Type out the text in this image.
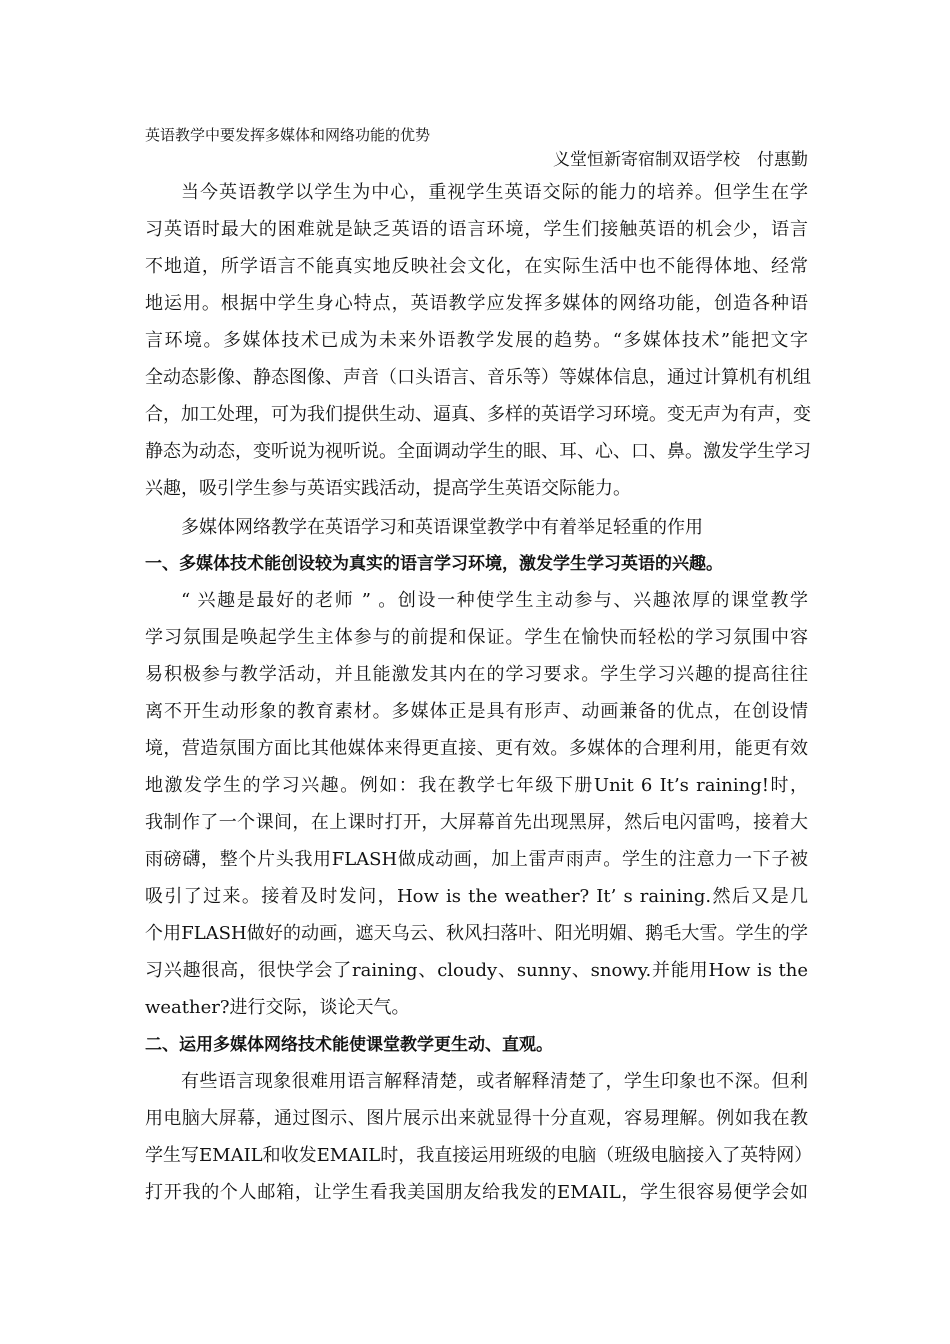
英语教学中要发挥多媒体和网络功能的优势
义堂恒新寄宿制双语学校　付惠勤
当今英语教学以学生为中心，重视学生英语交际的能力的培养。但学生在学
习英语时最大的困难就是缺乏英语的语言环境，学生们接触英语的机会少，语言
不地道，所学语言不能真实地反映社会文化，在实际生活中也不能得体地、经常
地运用。根据中学生身心特点，英语教学应发挥多媒体的网络功能，创造各种语
言环境。多媒体技术已成为未来外语教学发展的趋势。“多媒体技术”能把文字
全动态影像、静态图像、声音（口头语言、音乐等）等媒体信息，通过计算机有机组
合，加工处理，可为我们提供生动、逼真、多样的英语学习环境。变无声为有声，变
静态为动态，变听说为视听说。全面调动学生的眼、耳、心、口、鼻。激发学生学习
兴趣，吸引学生参与英语实践活动，提高学生英语交际能力。
多媒体网络教学在英语学习和英语课堂教学中有着举足轻重的作用
一、多媒体技术能创设较为真实的语言学习环境，激发学生学习英语的兴趣。
“ 兴趣是最好的老师 ” 。创设一种使学生主动参与、兴趣浓厚的课堂教学
学习氛围是唤起学生主体参与的前提和保证。学生在愉快而轻松的学习氛围中容
易积极参与教学活动，并且能激发其内在的学习要求。学生学习兴趣的提高往往
离不开生动形象的教育素材。多媒体正是具有形声、动画兼备的优点，在创设情
境，营造氛围方面比其他媒体来得更直接、更有效。多媒体的合理利用，能更有效
地激发学生的学习兴趣。例如：我在教学七年级下册Unit 6 It’s raining!时，
我制作了一个课间，在上课时打开，大屏幕首先出现黑屏，然后电闪雷鸣，接着大
雨磅礴，整个片头我用FLASH做成动画，加上雷声雨声。学生的注意力一下子被
吸引了过来。接着及时发问，How is the weather? It’ s raining.然后又是几
个用FLASH做好的动画，遮天乌云、秋风扫落叶、阳光明媚、鹅毛大雪。学生的学
习兴趣很高，很快学会了raining、cloudy、sunny、snowy.并能用How is the
weather?进行交际，谈论天气。
二、运用多媒体网络技术能使课堂教学更生动、直观。
有些语言现象很难用语言解释清楚，或者解释清楚了，学生印象也不深。但利
用电脑大屏幕，通过图示、图片展示出来就显得十分直观，容易理解。例如我在教
学生写EMAIL和收发EMAIL时，我直接运用班级的电脑（班级电脑接入了英特网）
打开我的个人邮箱，让学生看我美国朋友给我发的EMAIL，学生很容易便学会如
